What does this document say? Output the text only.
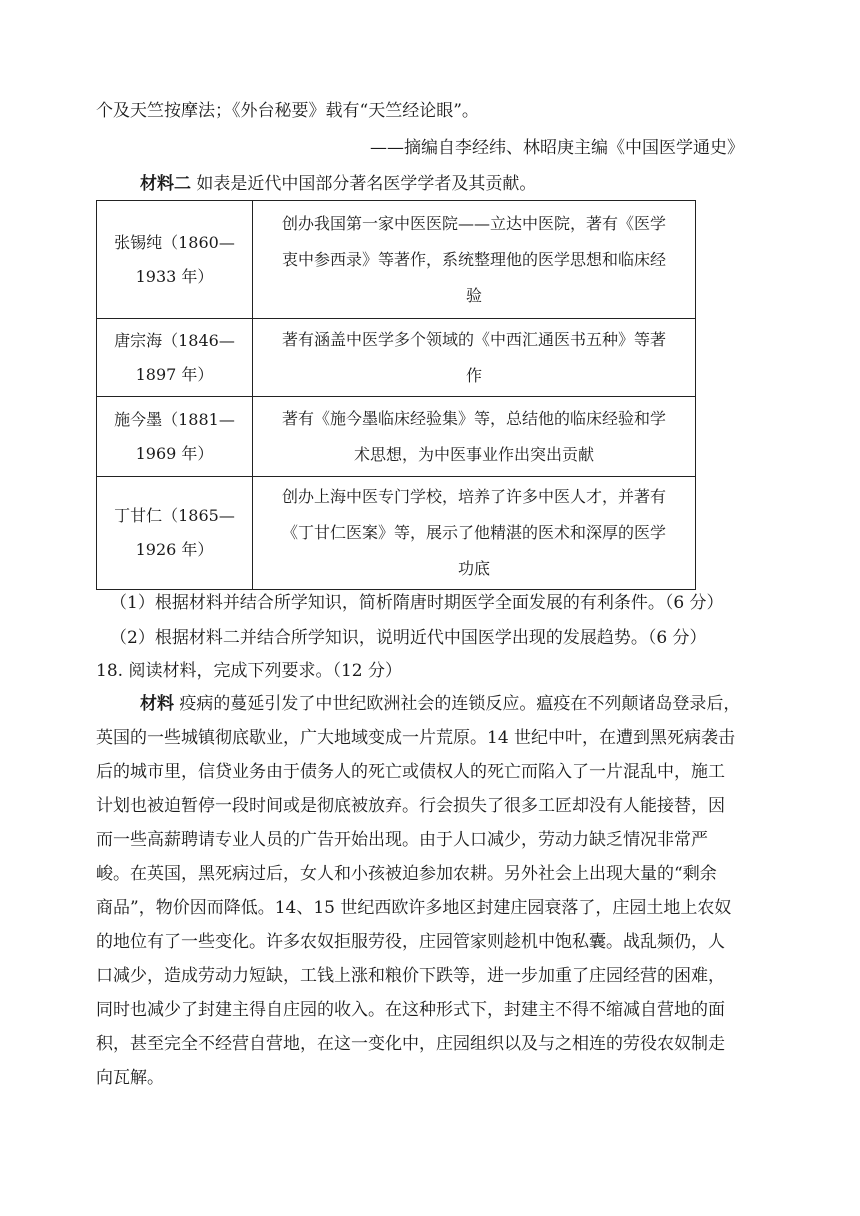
个及天竺按摩法；《外台秘要》载有“天竺经论眼”。
——摘编自李经纬、林昭庚主编《中国医学通史》
材料二 如表是近代中国部分著名医学学者及其贡献。
张锡纯（1860—
1933 年）
创办我国第一家中医医院——立达中医院，著有《医学
衷中参西录》等著作，系统整理他的医学思想和临床经
验
唐宗海（1846—
1897 年）
著有涵盖中医学多个领域的《中西汇通医书五种》等著
作
施今墨（1881—
1969 年）
著有《施今墨临床经验集》等，总结他的临床经验和学
术思想，为中医事业作出突出贡献
丁甘仁（1865—
1926 年）
创办上海中医专门学校，培养了许多中医人才，并著有
《丁甘仁医案》等，展示了他精湛的医术和深厚的医学
功底
（1）根据材料并结合所学知识，简析隋唐时期医学全面发展的有利条件。（6 分）
（2）根据材料二并结合所学知识，说明近代中国医学出现的发展趋势。（6 分）
18. 阅读材料，完成下列要求。（12 分）
材料 疫病的蔓延引发了中世纪欧洲社会的连锁反应。瘟疫在不列颠诸岛登录后，
英国的一些城镇彻底歇业，广大地域变成一片荒原。14 世纪中叶，在遭到黑死病袭击
后的城市里，信贷业务由于债务人的死亡或债权人的死亡而陷入了一片混乱中，施工
计划也被迫暂停一段时间或是彻底被放弃。行会损失了很多工匠却没有人能接替，因
而一些高薪聘请专业人员的广告开始出现。由于人口减少，劳动力缺乏情况非常严
峻。在英国，黑死病过后，女人和小孩被迫参加农耕。另外社会上出现大量的“剩余
商品”，物价因而降低。14、15 世纪西欧许多地区封建庄园衰落了，庄园土地上农奴
的地位有了一些变化。许多农奴拒服劳役，庄园管家则趁机中饱私囊。战乱频仍，人
口减少，造成劳动力短缺，工钱上涨和粮价下跌等，进一步加重了庄园经营的困难，
同时也减少了封建主得自庄园的收入。在这种形式下，封建主不得不缩减自营地的面
积，甚至完全不经营自营地，在这一变化中，庄园组织以及与之相连的劳役农奴制走
向瓦解。
